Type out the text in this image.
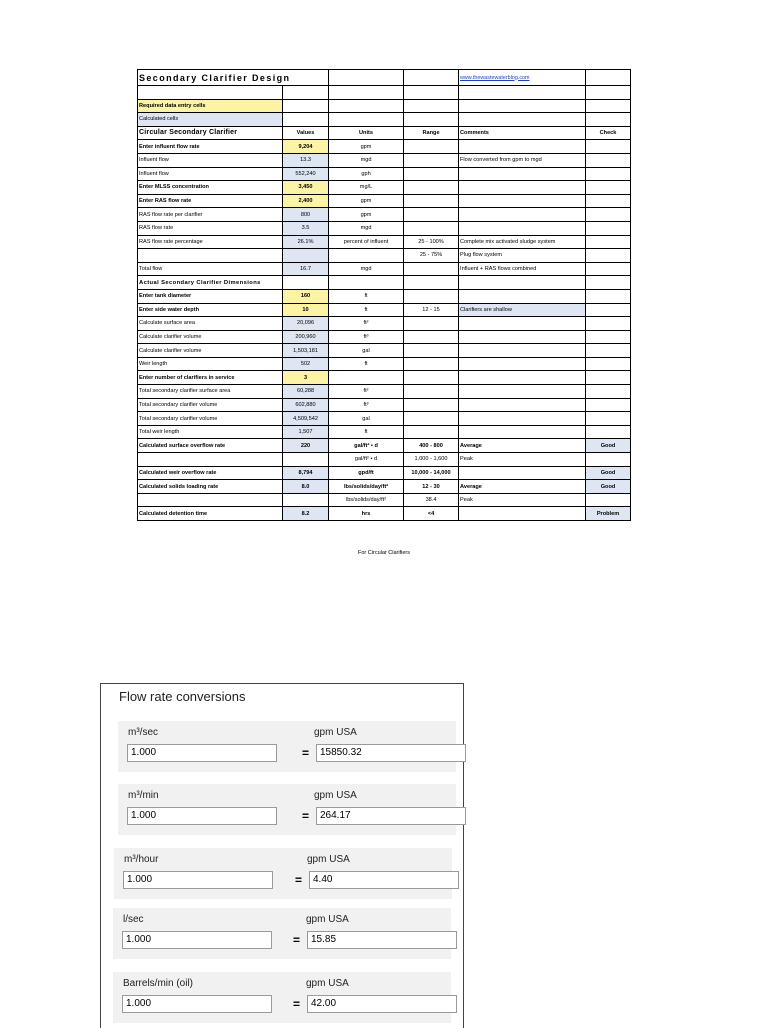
Secondary Clarifier Design				www.thewastewaterblog.com	

Required data entry cells					
Calculated cells					
Circular Secondary Clarifier	Values	Units	Range	Comments	Check
Enter influent flow rate	9,204	gpm			
Influent flow	13.3	mgd		Flow converted from gpm to mgd	
Influent flow	552,240	gph			
Enter MLSS concentration	3,450	mg/L			
Enter RAS flow rate	2,400	gpm			
RAS flow rate per clarifier	800	gpm			
RAS flow rate	3.5	mgd			
RAS flow rate percentage	26.1%	percent of influent	25 - 100%	Complete mix activated sludge system	
			25 - 75%	Plug flow system	
Total flow	16.7	mgd		Influent + RAS flows combined	
Actual Secondary Clarifier Dimensions					
Enter tank diameter	160	ft			
Enter side water depth	10	ft	12 - 15	Clarifiers are shallow	
Calculate surface area	20,096	ft²			
Calculate clarifier volume	200,960	ft³			
Calculate clarifier volume	1,503,181	gal			
Weir length	502	ft			
Enter number of clarifiers in service	3				
Total secondary clarifier surface area	60,288	ft²			
Total secondary clarifier volume	602,880	ft³			
Total secondary clarifier volume	4,509,542	gal			
Total weir length	1,507	ft			
Calculated surface overflow rate	220	gal/ft² • d	400 - 800	Average	Good
		gal/ft² • d	1,000 - 1,600	Peak	
Calculated weir overflow rate	8,794	gpd/ft	10,000 - 14,000		Good
Calculated solids loading rate	8.0	lbs/solids/day/ft²	12 - 30	Average	Good
		lbs/solids/day/ft²	38.4	Peak	
Calculated detention time	8.2	hrs	<4		Problem
For Circular Clarifiers
Flow rate conversions
m³/sec	gpm USA
1.000	=	15850.32
m³/min	gpm USA
1.000	=	264.17
m³/hour	gpm USA
1.000	=	4.40
l/sec	gpm USA
1.000	=	15.85
Barrels/min (oil)	gpm USA
1.000	=	42.00
